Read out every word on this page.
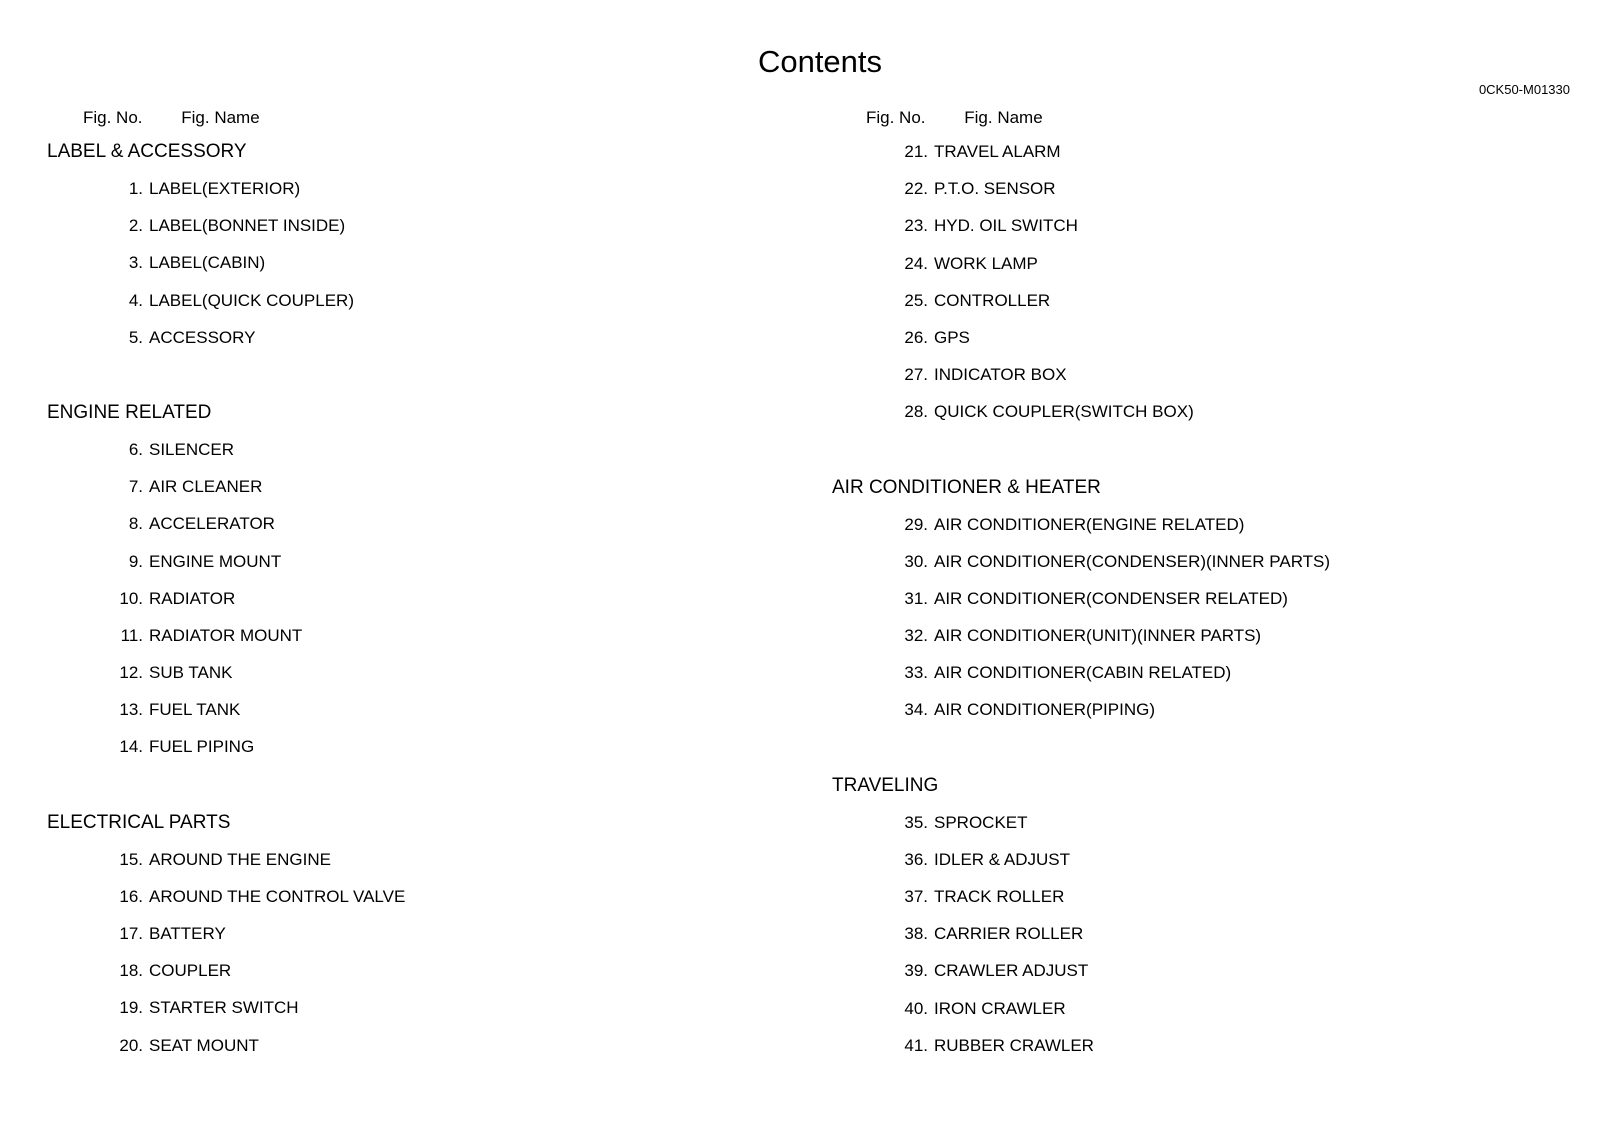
Contents
0CK50-M01330
Fig. No. Fig. Name	Fig. No. Fig. Name
LABEL & ACCESSORY
1. LABEL(EXTERIOR)
2. LABEL(BONNET INSIDE)
3. LABEL(CABIN)
4. LABEL(QUICK COUPLER)
5. ACCESSORY
ENGINE RELATED
6. SILENCER
7. AIR CLEANER
8. ACCELERATOR
9. ENGINE MOUNT
10. RADIATOR
11. RADIATOR MOUNT
12. SUB TANK
13. FUEL TANK
14. FUEL PIPING
ELECTRICAL PARTS
15. AROUND THE ENGINE
16. AROUND THE CONTROL VALVE
17. BATTERY
18. COUPLER
19. STARTER SWITCH
20. SEAT MOUNT
21. TRAVEL ALARM
22. P.T.O. SENSOR
23. HYD. OIL SWITCH
24. WORK LAMP
25. CONTROLLER
26. GPS
27. INDICATOR BOX
28. QUICK COUPLER(SWITCH BOX)
AIR CONDITIONER & HEATER
29. AIR CONDITIONER(ENGINE RELATED)
30. AIR CONDITIONER(CONDENSER)(INNER PARTS)
31. AIR CONDITIONER(CONDENSER RELATED)
32. AIR CONDITIONER(UNIT)(INNER PARTS)
33. AIR CONDITIONER(CABIN RELATED)
34. AIR CONDITIONER(PIPING)
TRAVELING
35. SPROCKET
36. IDLER & ADJUST
37. TRACK ROLLER
38. CARRIER ROLLER
39. CRAWLER ADJUST
40. IRON CRAWLER
41. RUBBER CRAWLER
